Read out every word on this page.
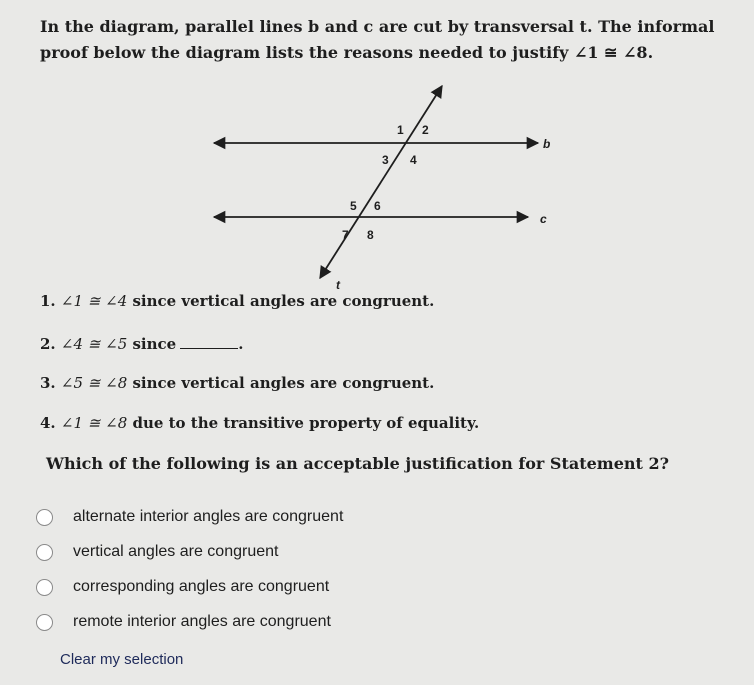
In the diagram, parallel lines b and c are cut by transversal t. The informal proof below the diagram lists the reasons needed to justify ∠1 ≅ ∠8.
b
c
t
1 2
3 4
5 6
7 8
1. ∠1 ≅ ∠4 since vertical angles are congruent.
2. ∠4 ≅ ∠5 since	.
3. ∠5 ≅ ∠8 since vertical angles are congruent.
4. ∠1 ≅ ∠8 due to the transitive property of equality.
Which of the following is an acceptable justification for Statement 2?
alternate interior angles are congruent
vertical angles are congruent
corresponding angles are congruent
remote interior angles are congruent
Clear my selection
